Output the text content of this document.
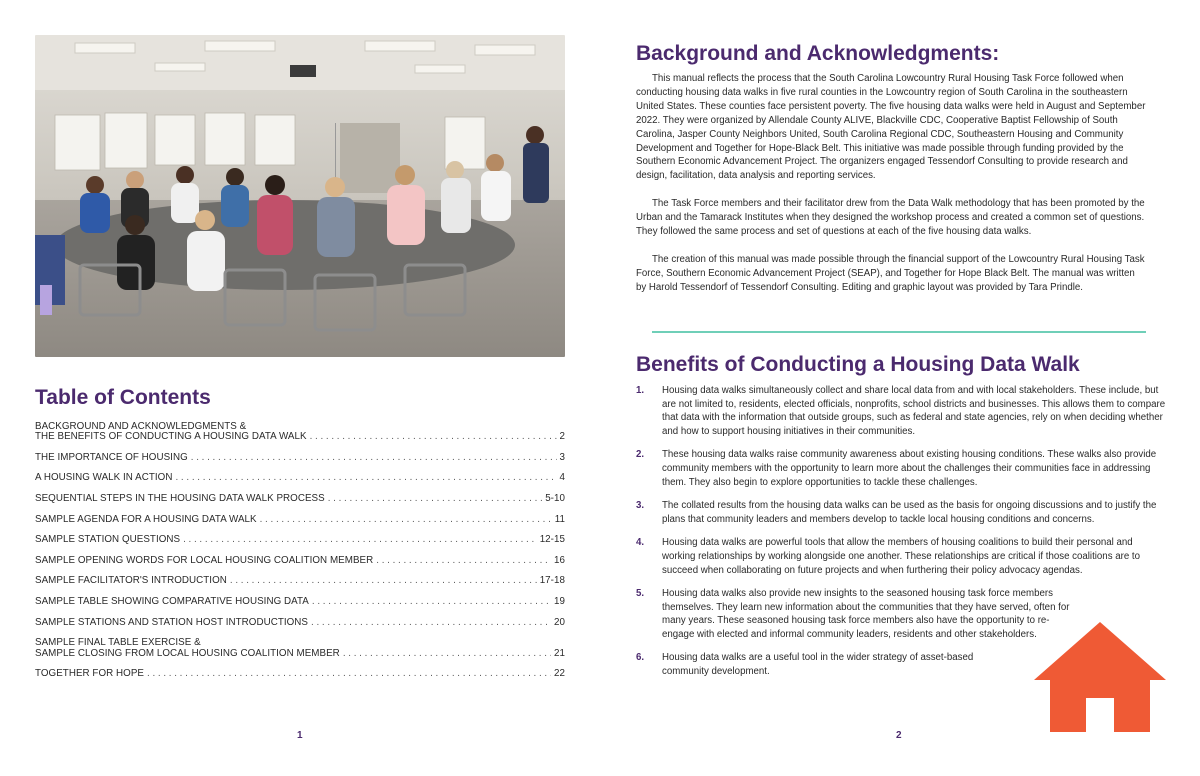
Table of Contents
BACKGROUND AND ACKNOWLEDGMENTS &
THE BENEFITS OF CONDUCTING A HOUSING DATA WALK . . .	2
THE IMPORTANCE OF HOUSING . . .	3
A HOUSING WALK IN ACTION . . .	4
SEQUENTIAL STEPS IN THE HOUSING DATA WALK PROCESS . . .	5-10
SAMPLE AGENDA FOR A HOUSING DATA WALK . . .	11
SAMPLE STATION QUESTIONS . . .	12-15
SAMPLE OPENING WORDS FOR LOCAL HOUSING COALITION MEMBER . . .	16
SAMPLE FACILITATOR'S INTRODUCTION . . .	17-18
SAMPLE TABLE SHOWING COMPARATIVE HOUSING DATA . . .	19
SAMPLE STATIONS AND STATION HOST INTRODUCTIONS . . .	20
SAMPLE FINAL TABLE EXERCISE &
SAMPLE CLOSING FROM LOCAL HOUSING COALITION MEMBER . . .	21
TOGETHER FOR HOPE . . .	22
1
Background and Acknowledgments:

This manual reflects the process that the South Carolina Lowcountry Rural Housing Task Force followed when conducting housing data walks in five rural counties in the Lowcountry region of South Carolina in the southeastern United States. These counties face persistent poverty. The five housing data walks were held in August and September 2022. They were organized by Allendale County ALIVE, Blackville CDC, Cooperative Baptist Fellowship of South Carolina, Jasper County Neighbors United, South Carolina Regional CDC, Southeastern Housing and Community Development and Together for Hope-Black Belt. This initiative was made possible through funding provided by the Southern Economic Advancement Project. The organizers engaged Tessendorf Consulting to provide research and design, facilitation, data analysis and reporting services.

The Task Force members and their facilitator drew from the Data Walk methodology that has been promoted by the Urban and the Tamarack Institutes when they designed the workshop process and created a common set of questions. They followed the same process and set of questions at each of the five housing data walks.

The creation of this manual was made possible through the financial support of the Lowcountry Rural Housing Task Force, Southern Economic Advancement Project (SEAP), and Together for Hope Black Belt. The manual was written by Harold Tessendorf of Tessendorf Consulting. Editing and graphic layout was provided by Tara Prindle.

Benefits of Conducting a Housing Data Walk
1.	Housing data walks simultaneously collect and share local data from and with local stakeholders. These include, but are not limited to, residents, elected officials, nonprofits, school districts and businesses. This allows them to compare that data with the information that outside groups, such as federal and state agencies, rely on when deciding whether and how to support housing initiatives in their communities.
2.	These housing data walks raise community awareness about existing housing conditions. These walks also provide community members with the opportunity to learn more about the challenges their communities face in addressing them. They also begin to explore opportunities to tackle these challenges.
3.	The collated results from the housing data walks can be used as the basis for ongoing discussions and to justify the plans that community leaders and members develop to tackle local housing conditions and concerns.
4.	Housing data walks are powerful tools that allow the members of housing coalitions to build their personal and working relationships by working alongside one another. These relationships are critical if those coalitions are to succeed when collaborating on future projects and when furthering their policy advocacy agendas.
5.	Housing data walks also provide new insights to the seasoned housing task force members themselves. They learn new information about the communities that they have served, often for many years. These seasoned housing task force members also have the opportunity to re-engage with elected and informal community leaders, residents and other stakeholders.
6.	Housing data walks are a useful tool in the wider strategy of asset-based community development.
2
